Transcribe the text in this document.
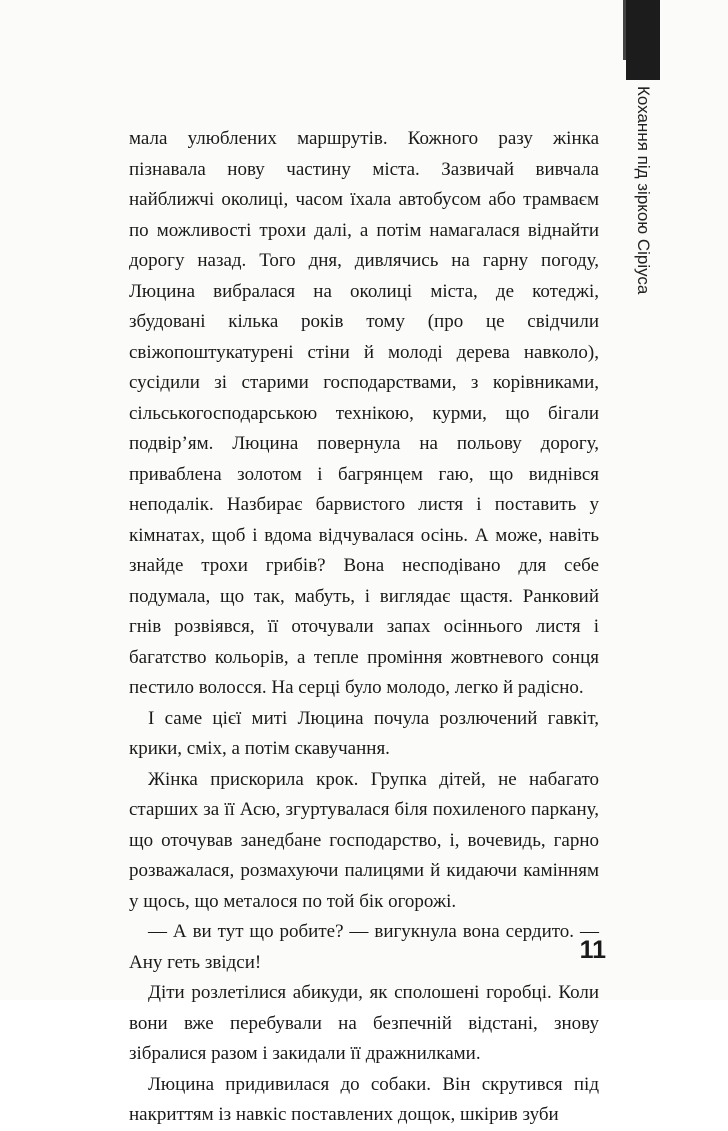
Кохання під зіркою Сіріуса

мала улюблених маршрутів. Кожного разу жінка пізнавала нову частину міста. Зазвичай вивчала найближчі околиці, часом їхала автобусом або трамваєм по можливості трохи далі, а потім намагалася віднайти дорогу назад. Того дня, дивлячись на гарну погоду, Люцина вибралася на околиці міста, де котеджі, збудовані кілька років тому (про це свідчили свіжопоштукатурені стіни й молоді дерева навколо), сусідили зі старими господарствами, з корівниками, сільськогосподарською технікою, курми, що бігали подвір’ям. Люцина повернула на польову дорогу, приваблена золотом і багрянцем гаю, що виднівся неподалік. Назбирає барвистого листя і поставить у кімнатах, щоб і вдома відчувалася осінь. А може, навіть знайде трохи грибів? Вона несподівано для себе подумала, що так, мабуть, і виглядає щастя. Ранковий гнів розвіявся, її оточували запах осіннього листя і багатство кольорів, а тепле проміння жовтневого сонця пестило волосся. На серці було молодо, легко й радісно.

І саме цієї миті Люцина почула розлючений гавкіт, крики, сміх, а потім скавучання.

Жінка прискорила крок. Групка дітей, не набагато старших за її Асю, згуртувалася біля похиленого паркану, що оточував занедбане господарство, і, вочевидь, гарно розважалася, розмахуючи палицями й кидаючи камінням у щось, що металося по той бік огорожі.

— А ви тут що робите? — вигукнула вона сердито. — Ану геть звідси!

Діти розлетілися абикуди, як сполошені горобці. Коли вони вже перебували на безпечній відстані, знову зібралися разом і закидали її дражнилками.

Люцина придивилася до собаки. Він скрутився під накриттям із навкіс поставлених дощок, шкірив зуби

11
